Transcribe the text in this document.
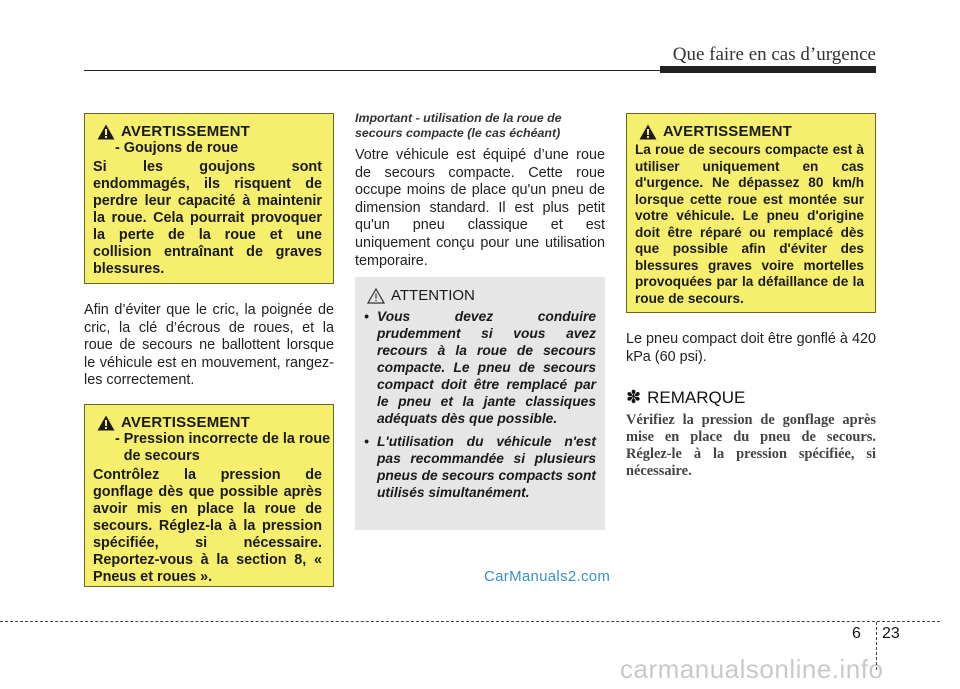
Que faire en cas d’urgence
AVERTISSEMENT
- Goujons de roue
Si les goujons sont endommagés, ils risquent de perdre leur capacité à maintenir la roue. Cela pourrait provoquer la perte de la roue et une collision entraînant de graves blessures.
Afin d’éviter que le cric, la poignée de cric, la clé d’écrous de roues, et la roue de secours ne ballottent lorsque le véhicule est en mouvement, rangez-les correctement.
AVERTISSEMENT
- Pression incorrecte de la roue de secours
Contrôlez la pression de gonflage dès que possible après avoir mis en place la roue de secours. Réglez-la à la pression spécifiée, si nécessaire. Reportez-vous à la section 8, « Pneus et roues ».
Important - utilisation de la roue de secours compacte (le cas échéant)
Votre véhicule est équipé d’une roue de secours compacte. Cette roue occupe moins de place qu'un pneu de dimension standard. Il est plus petit qu'un pneu classique et est uniquement conçu pour une utilisation temporaire.
ATTENTION
• Vous devez conduire prudemment si vous avez recours à la roue de secours compacte. Le pneu de secours compact doit être remplacé par le pneu et la jante classiques adéquats dès que possible.
• L'utilisation du véhicule n'est pas recommandée si plusieurs pneus de secours compacts sont utilisés simultanément.
AVERTISSEMENT
La roue de secours compacte est à utiliser uniquement en cas d'urgence. Ne dépassez 80 km/h lorsque cette roue est montée sur votre véhicule. Le pneu d'origine doit être réparé ou remplacé dès que possible afin d'éviter des blessures graves voire mortelles provoquées par la défaillance de la roue de secours.
Le pneu compact doit être gonflé à 420 kPa (60 psi).
✽ REMARQUE
Vérifiez la pression de gonflage après mise en place du pneu de secours. Réglez-le à la pression spécifiée, si nécessaire.
CarManuals2.com
carmanualsonline.info
6 23
